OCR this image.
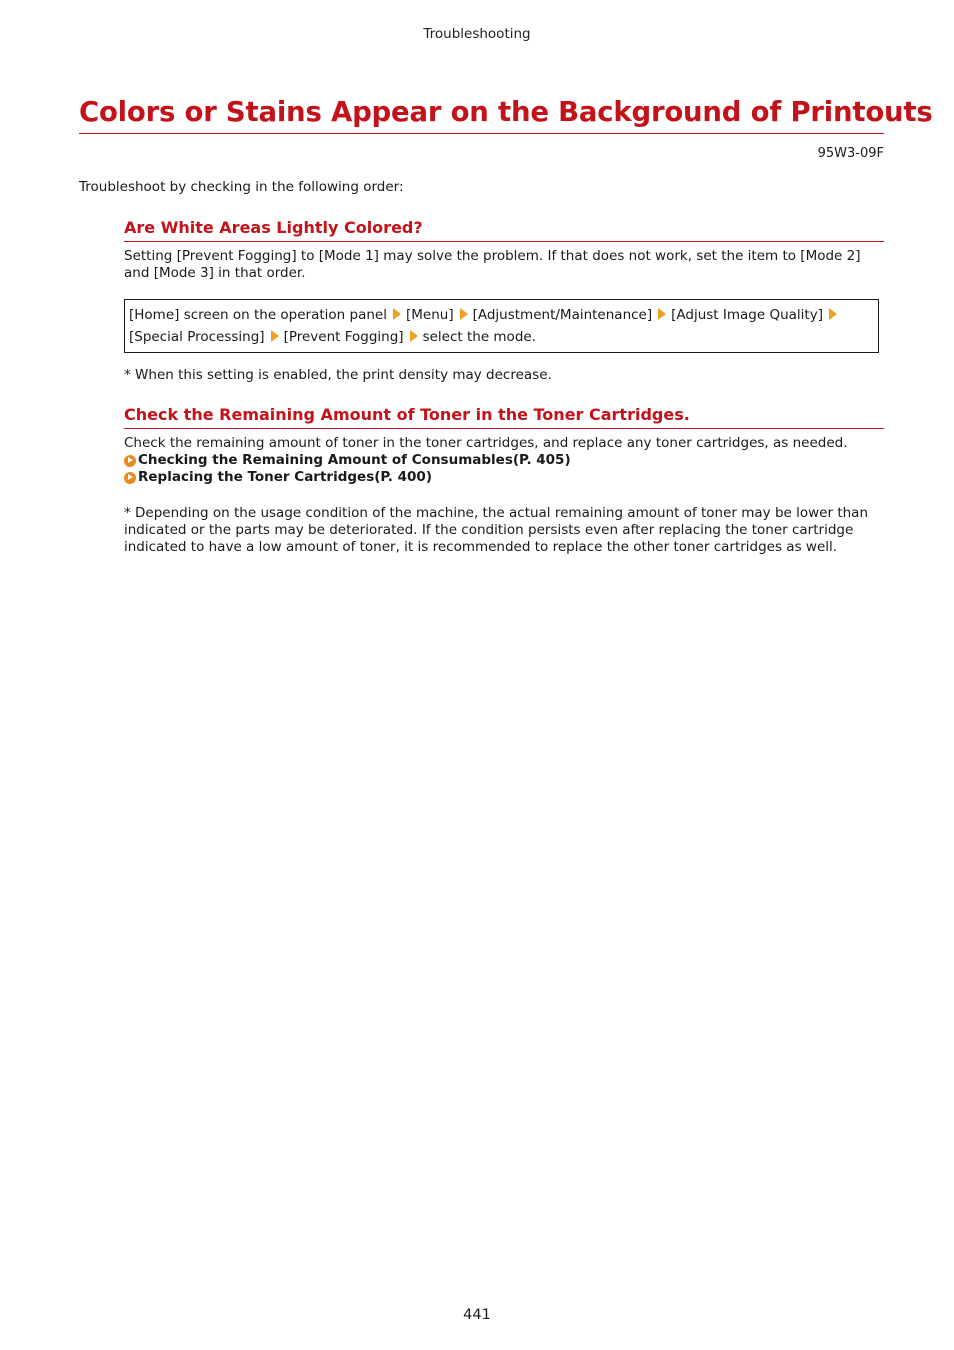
Troubleshooting
Colors or Stains Appear on the Background of Printouts
95W3-09F
Troubleshoot by checking in the following order:
Are White Areas Lightly Colored?
Setting [Prevent Fogging] to [Mode 1] may solve the problem. If that does not work, set the item to [Mode 2] and [Mode 3] in that order.
[Home] screen on the operation panel [Menu] [Adjustment/Maintenance] [Adjust Image Quality]
[Special Processing] [Prevent Fogging] select the mode.
* When this setting is enabled, the print density may decrease.
Check the Remaining Amount of Toner in the Toner Cartridges.
Check the remaining amount of toner in the toner cartridges, and replace any toner cartridges, as needed.
Checking the Remaining Amount of Consumables(P. 405)
Replacing the Toner Cartridges(P. 400)
* Depending on the usage condition of the machine, the actual remaining amount of toner may be lower than indicated or the parts may be deteriorated. If the condition persists even after replacing the toner cartridge indicated to have a low amount of toner, it is recommended to replace the other toner cartridges as well.
441
